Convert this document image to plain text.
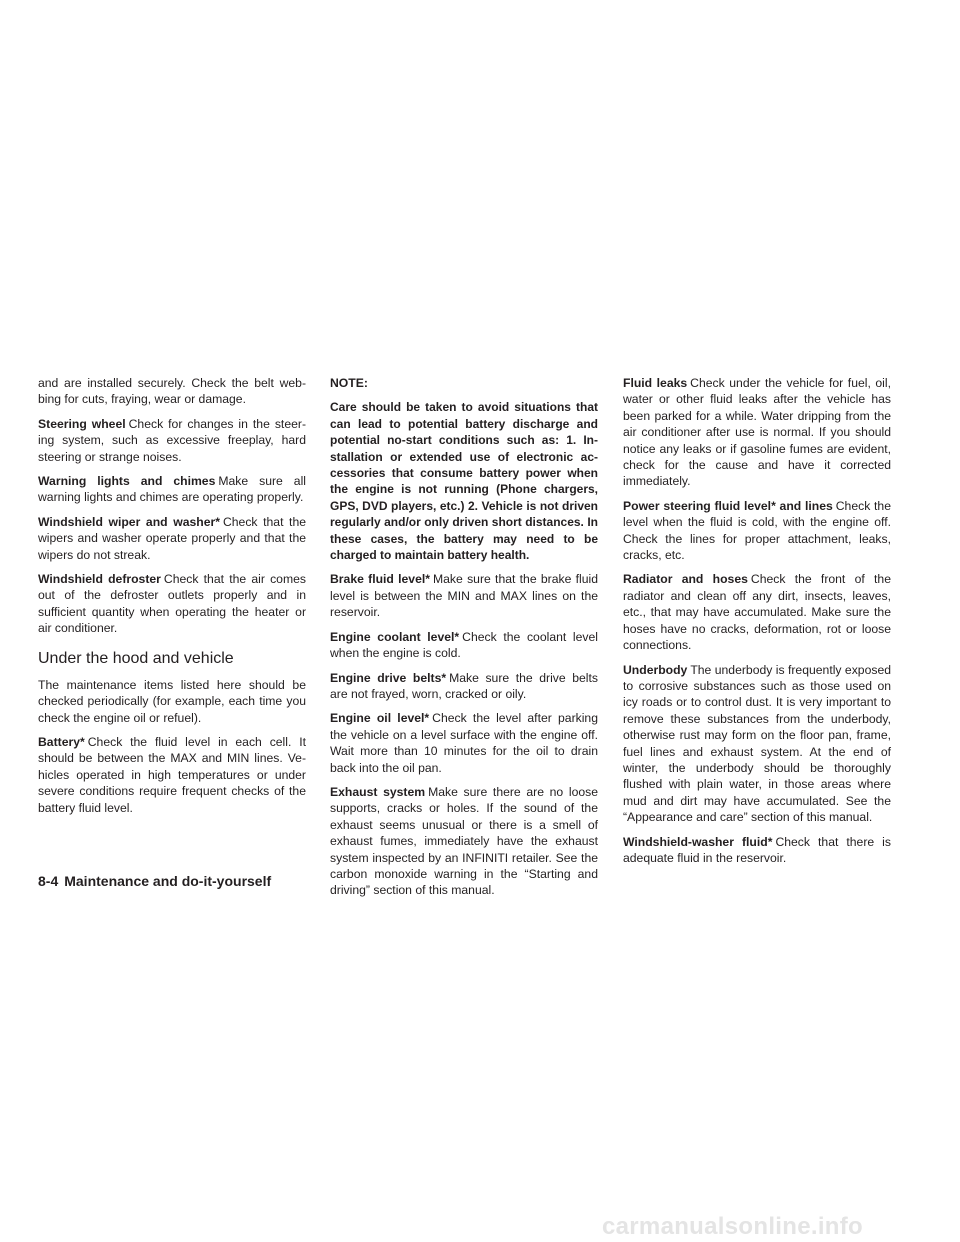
and are installed securely. Check the belt webbing for cuts, fraying, wear or damage.

Steering wheel Check for changes in the steering system, such as excessive freeplay, hard steering or strange noises.

Warning lights and chimes Make sure all warning lights and chimes are operating properly.

Windshield wiper and washer* Check that the wipers and washer operate properly and that the wipers do not streak.

Windshield defroster Check that the air comes out of the defroster outlets properly and in sufficient quantity when operating the heater or air conditioner.

Under the hood and vehicle

The maintenance items listed here should be checked periodically (for example, each time you check the engine oil or refuel).

Battery* Check the fluid level in each cell. It should be between the MAX and MIN lines. Vehicles operated in high temperatures or under severe conditions require frequent checks of the battery fluid level.

NOTE:

Care should be taken to avoid situations that can lead to potential battery discharge and potential no-start conditions such as: 1. Installation or extended use of electronic accessories that consume battery power when the engine is not running (Phone chargers, GPS, DVD players, etc.) 2. Vehicle is not driven regularly and/or only driven short distances. In these cases, the battery may need to be charged to maintain battery health.

Brake fluid level* Make sure that the brake fluid level is between the MIN and MAX lines on the reservoir.

Engine coolant level* Check the coolant level when the engine is cold.

Engine drive belts* Make sure the drive belts are not frayed, worn, cracked or oily.

Engine oil level* Check the level after parking the vehicle on a level surface with the engine off. Wait more than 10 minutes for the oil to drain back into the oil pan.

Exhaust system Make sure there are no loose supports, cracks or holes. If the sound of the exhaust seems unusual or there is a smell of exhaust fumes, immediately have the exhaust system inspected by an INFINITI retailer. See the carbon monoxide warning in the “Starting and driving” section of this manual.

Fluid leaks Check under the vehicle for fuel, oil, water or other fluid leaks after the vehicle has been parked for a while. Water dripping from the air conditioner after use is normal. If you should notice any leaks or if gasoline fumes are evident, check for the cause and have it corrected immediately.

Power steering fluid level* and lines Check the level when the fluid is cold, with the engine off. Check the lines for proper attachment, leaks, cracks, etc.

Radiator and hoses Check the front of the radiator and clean off any dirt, insects, leaves, etc., that may have accumulated. Make sure the hoses have no cracks, deformation, rot or loose connections.

Underbody The underbody is frequently exposed to corrosive substances such as those used on icy roads or to control dust. It is very important to remove these substances from the underbody, otherwise rust may form on the floor pan, frame, fuel lines and exhaust system. At the end of winter, the underbody should be thoroughly flushed with plain water, in those areas where mud and dirt may have accumulated. See the “Appearance and care” section of this manual.

Windshield-washer fluid* Check that there is adequate fluid in the reservoir.

8-4 Maintenance and do-it-yourself
carmanualsonline.info
